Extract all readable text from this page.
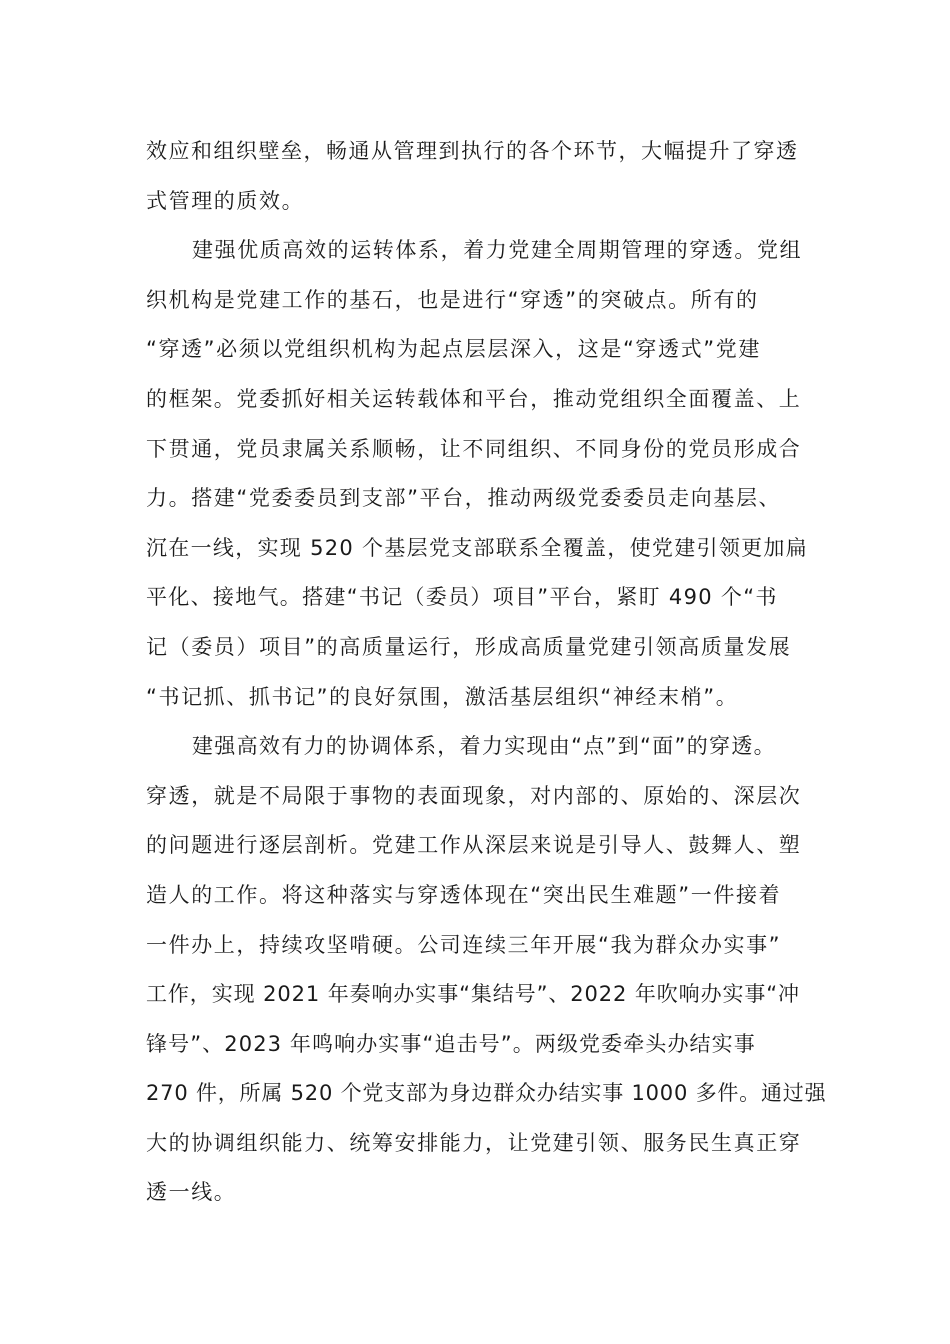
效应和组织壁垒，畅通从管理到执行的各个环节，大幅提升了穿透
式管理的质效。
建强优质高效的运转体系，着力党建全周期管理的穿透。党组
织机构是党建工作的基石，也是进行“穿透”的突破点。所有的
“穿透”必须以党组织机构为起点层层深入，这是“穿透式”党建
的框架。党委抓好相关运转载体和平台，推动党组织全面覆盖、上
下贯通，党员隶属关系顺畅，让不同组织、不同身份的党员形成合
力。搭建“党委委员到支部”平台，推动两级党委委员走向基层、
沉在一线，实现 520 个基层党支部联系全覆盖，使党建引领更加扁
平化、接地气。搭建“书记（委员）项目”平台，紧盯 490 个“书
记（委员）项目”的高质量运行，形成高质量党建引领高质量发展
“书记抓、抓书记”的良好氛围，激活基层组织“神经末梢”。
建强高效有力的协调体系，着力实现由“点”到“面”的穿透。
穿透，就是不局限于事物的表面现象，对内部的、原始的、深层次
的问题进行逐层剖析。党建工作从深层来说是引导人、鼓舞人、塑
造人的工作。将这种落实与穿透体现在“突出民生难题”一件接着
一件办上，持续攻坚啃硬。公司连续三年开展“我为群众办实事”
工作，实现 2021 年奏响办实事“集结号”、2022 年吹响办实事“冲
锋号”、2023 年鸣响办实事“追击号”。两级党委牵头办结实事
270 件，所属 520 个党支部为身边群众办结实事 1000 多件。通过强
大的协调组织能力、统筹安排能力，让党建引领、服务民生真正穿
透一线。
